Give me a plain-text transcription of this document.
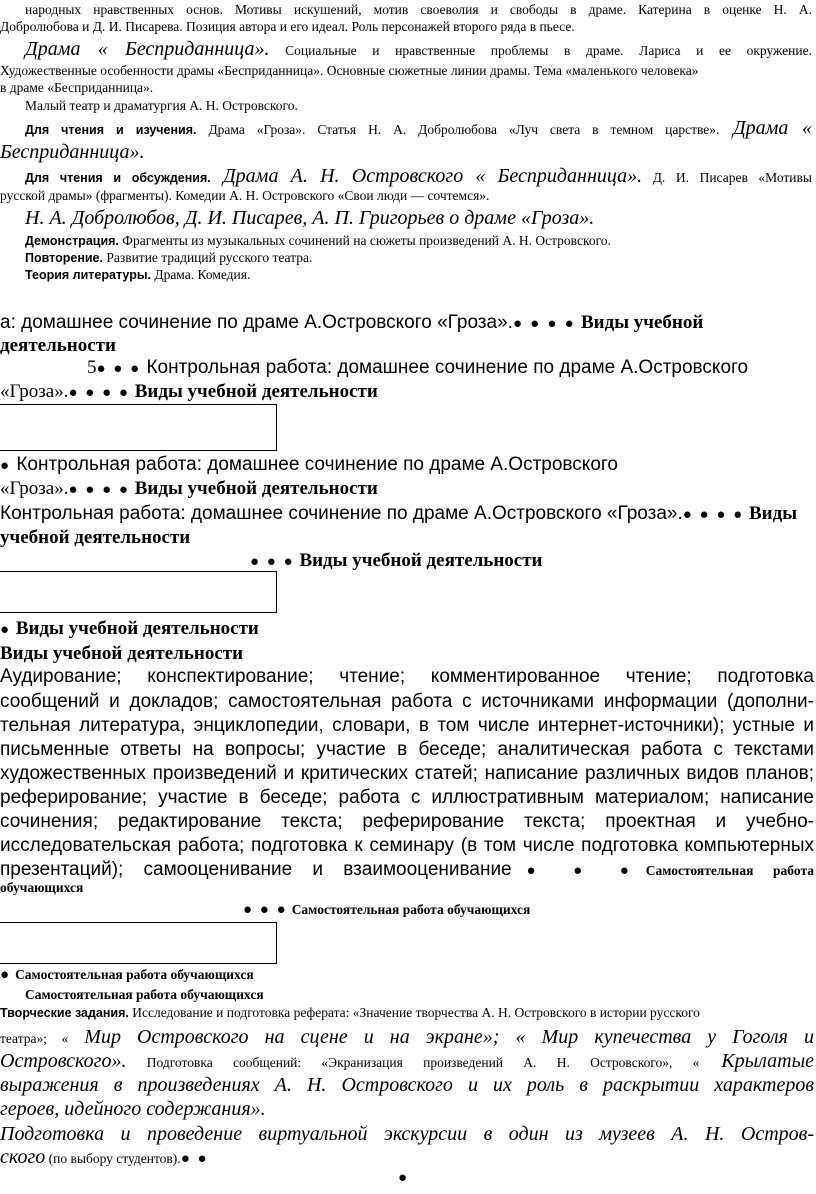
народных нравственных основ. Мотивы искушений, мотив своеволия и свободы в драме. Катерина в оценке Н. А.
Добролюбова и Д. И. Писарева. Позиция автора и его идеал. Роль персонажей второго ряда в пьесе.
Драма « Бесприданница». Социальные и нравственные проблемы в драме. Лариса и ее окружение.
Художественные особенности драмы «Бесприданница». Основные сюжетные линии драмы. Тема «маленького человека»
в драме «Бесприданница».
Малый театр и драматургия А. Н. Островского.
Для чтения и изучения. Драма «Гроза». Статья Н. А. Добролюбова «Луч света в темном царстве». Драма «
Бесприданница».
Для чтения и обсуждения. Драма А. Н. Островского « Бесприданница». Д. И. Писарев «Мотивы
русской драмы» (фрагменты). Комедии А. Н. Островского «Свои люди — сочтемся».
Н. А. Добролюбов, Д. И. Писарев, А. П. Григорьев о драме «Гроза».
Демонстрация. Фрагменты из музыкальных сочинений на сюжеты произведений А. Н. Островского.
Повторение. Развитие традиций русского театра.
Теория литературы. Драма. Комедия.
а: домашнее сочинение по драме А.Островского «Гроза».● ● ● ● Виды учебной
деятельности
5● ● ● Контрольная работа: домашнее сочинение по драме А.Островского
«Гроза».● ● ● ● Виды учебной деятельности
● Контрольная работа: домашнее сочинение по драме А.Островского
«Гроза».● ● ● ● Виды учебной деятельности
Контрольная работа: домашнее сочинение по драме А.Островского «Гроза».● ● ● ● Виды
учебной деятельности
● ● ● Виды учебной деятельности
● Виды учебной деятельности
Виды учебной деятельности
Аудирование; конспектирование; чтение; комментированное чтение; подготовка
сообщений и докладов; самостоятельная работа с источниками информации (дополни-
тельная литература, энциклопедии, словари, в том числе интернет-источники); устные и
письменные ответы на вопросы; участие в беседе; аналитическая работа с текстами
художественных произведений и критических статей; написание различных видов планов;
реферирование; участие в беседе; работа с иллюстративным материалом; написание
сочинения; редактирование текста; реферирование текста; проектная и учебно-
исследовательская работа; подготовка к семинару (в том числе подготовка компьютерных
презентаций); самооценивание и взаимооценивание● ● ●Самостоятельная работа
обучающихся
● ● ● Самостоятельная работа обучающихся
● Самостоятельная работа обучающихся
Самостоятельная работа обучающихся
Творческие задания. Исследование и подготовка реферата: «Значение творчества А. Н. Островского в истории русского
театра»; « Мир Островского на сцене и на экране»; « Мир купечества у Гоголя и
Островского». Подготовка сообщений: «Экранизация произведений А. Н. Островского», « Крылатые
выражения в произведениях А. Н. Островского и их роль в раскрытии характеров
героев, идейного содержания».
Подготовка и проведение виртуальной экскурсии в один из музеев А. Н. Остров-
ского (по выбору студентов).● ●
●
